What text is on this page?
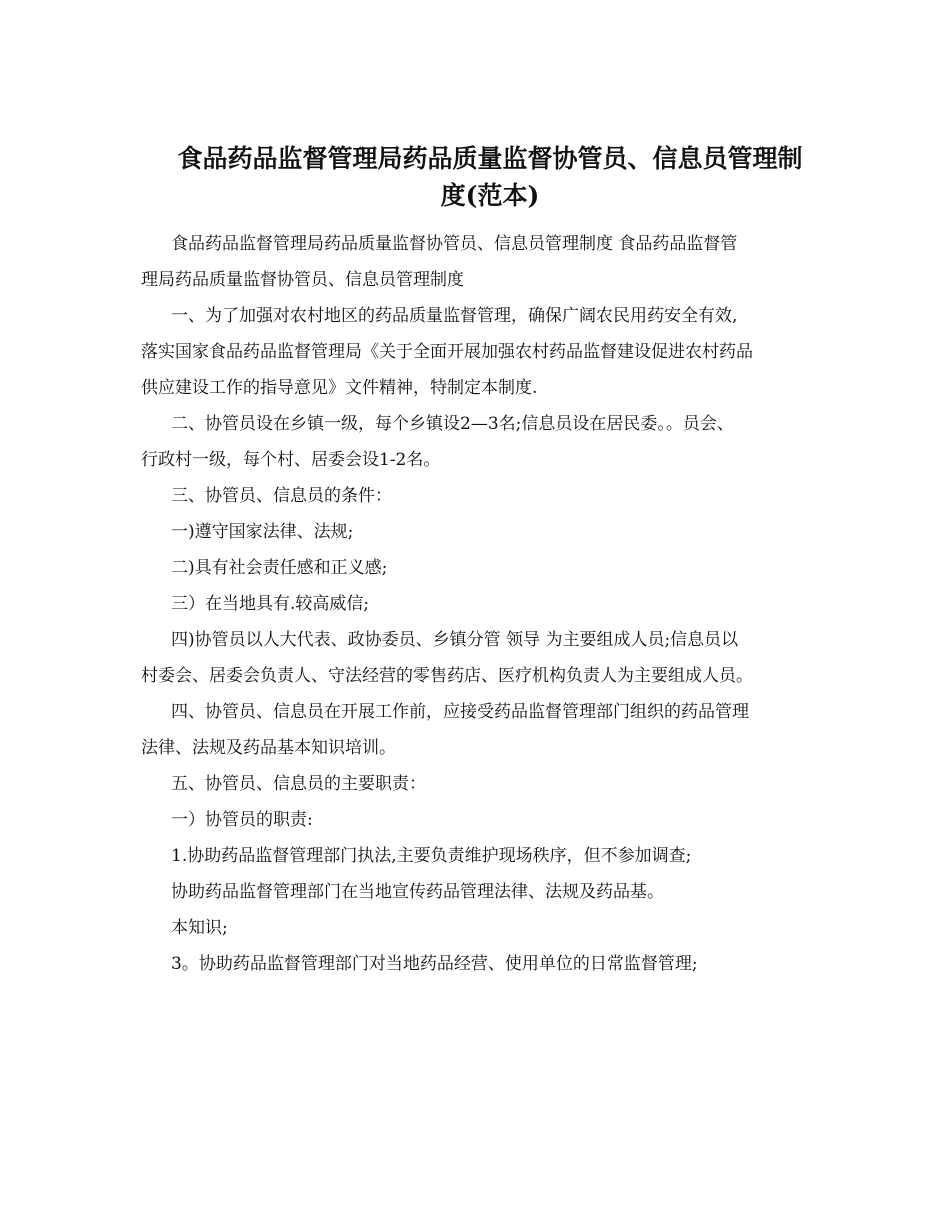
食品药品监督管理局药品质量监督协管员、信息员管理制
度(范本)
食品药品监督管理局药品质量监督协管员、信息员管理制度 食品药品监督管
理局药品质量监督协管员、信息员管理制度
一、为了加强对农村地区的药品质量监督管理，确保广阔农民用药安全有效,
落实国家食品药品监督管理局《关于全面开展加强农村药品监督建设促进农村药品
供应建设工作的指导意见》文件精神，特制定本制度.
二、协管员设在乡镇一级，每个乡镇设2—3名;信息员设在居民委。。员会、
行政村一级，每个村、居委会设1-2名。
三、协管员、信息员的条件：
一)遵守国家法律、法规;
二)具有社会责任感和正义感;
三）在当地具有.较高威信;
四)协管员以人大代表、政协委员、乡镇分管 领导 为主要组成人员;信息员以
村委会、居委会负责人、守法经营的零售药店、医疗机构负责人为主要组成人员。
四、协管员、信息员在开展工作前，应接受药品监督管理部门组织的药品管理
法律、法规及药品基本知识培训。
五、协管员、信息员的主要职责：
一）协管员的职责:
1.协助药品监督管理部门执法,主要负责维护现场秩序，但不参加调查;
协助药品监督管理部门在当地宣传药品管理法律、法规及药品基。
本知识;
3。协助药品监督管理部门对当地药品经营、使用单位的日常监督管理;
